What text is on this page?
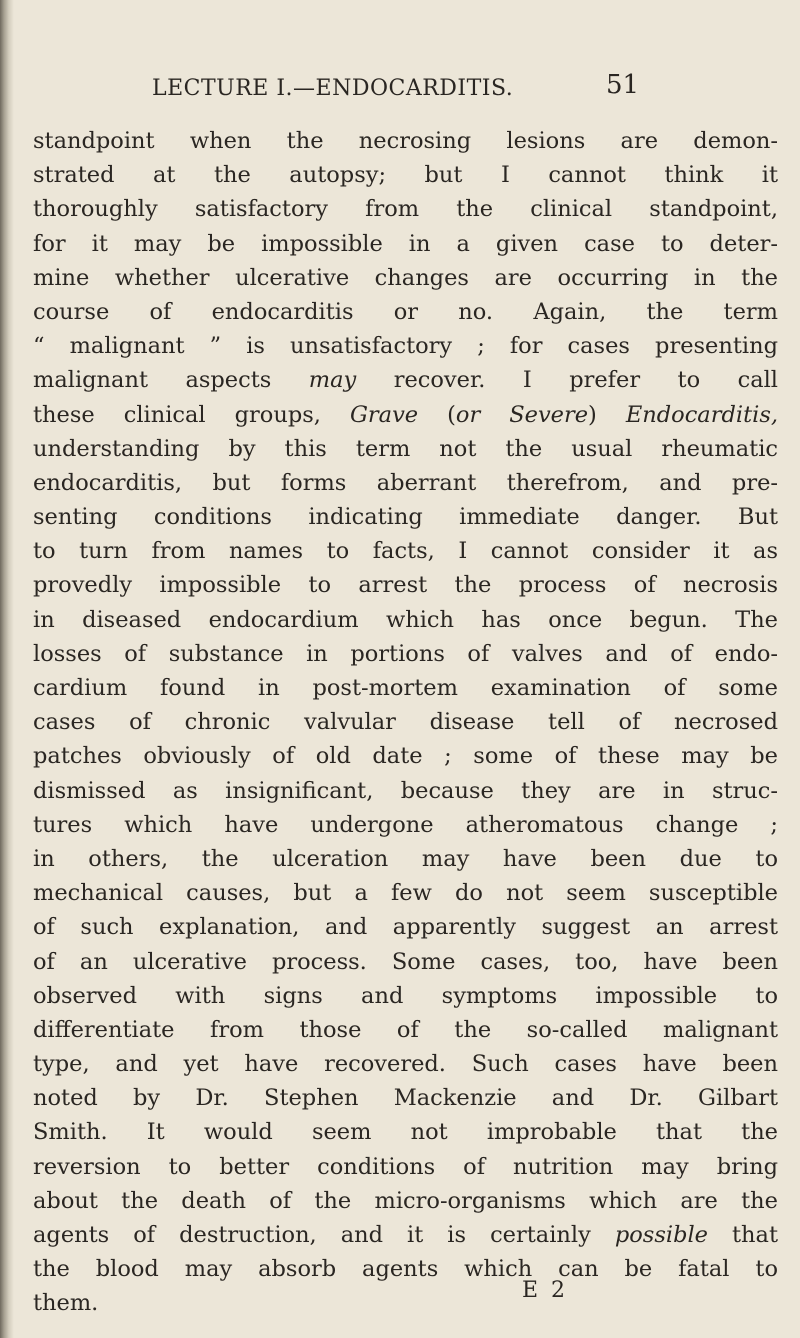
LECTURE I.—ENDOCARDITIS.	51
standpoint when the necrosing lesions are demon-
strated at the autopsy; but I cannot think it
thoroughly satisfactory from the clinical standpoint,
for it may be impossible in a given case to deter-
mine whether ulcerative changes are occurring in the
course of endocarditis or no. Again, the term
“ malignant ” is unsatisfactory ; for cases presenting
malignant aspects may recover. I prefer to call
these clinical groups, Grave (or Severe) Endocarditis,
understanding by this term not the usual rheumatic
endocarditis, but forms aberrant therefrom, and pre-
senting conditions indicating immediate danger. But
to turn from names to facts, I cannot consider it as
provedly impossible to arrest the process of necrosis
in diseased endocardium which has once begun. The
losses of substance in portions of valves and of endo-
cardium found in post-mortem examination of some
cases of chronic valvular disease tell of necrosed
patches obviously of old date ; some of these may be
dismissed as insignificant, because they are in struc-
tures which have undergone atheromatous change ;
in others, the ulceration may have been due to
mechanical causes, but a few do not seem susceptible
of such explanation, and apparently suggest an arrest
of an ulcerative process. Some cases, too, have been
observed with signs and symptoms impossible to
differentiate from those of the so-called malignant
type, and yet have recovered. Such cases have been
noted by Dr. Stephen Mackenzie and Dr. Gilbart
Smith. It would seem not improbable that the
reversion to better conditions of nutrition may bring
about the death of the micro-organisms which are the
agents of destruction, and it is certainly possible that
the blood may absorb agents which can be fatal to
them.	E 2
